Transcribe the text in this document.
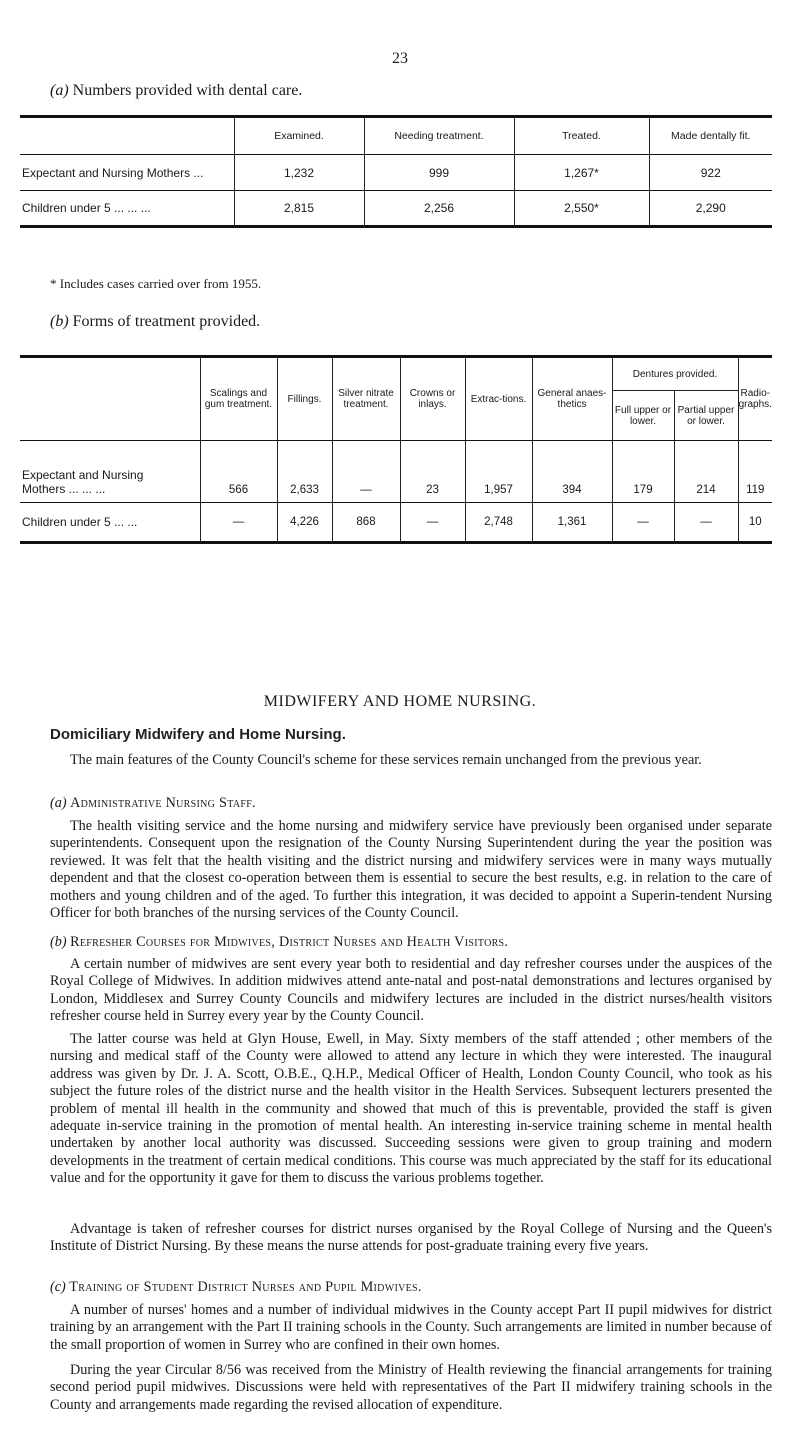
23
(a) Numbers provided with dental care.
	Examined.	Needing treatment.	Treated.	Made dentally fit.
Expectant and Nursing Mothers ...	1,232	999	1,267*	922
Children under 5 ... ... ...	2,815	2,256	2,550*	2,290
* Includes cases carried over from 1955.
(b) Forms of treatment provided.
	Scalings and gum treatment.	Fillings.	Silver nitrate treatment.	Crowns or inlays.	Extrac-tions.	General anaes-thetics	Dentures provided.		Radio-graphs.
							Full upper or lower.	Partial upper or lower.	
Expectant and Nursing
Mothers ... ... ...	566	2,633	—	23	1,957	394	179	214	119
Children under 5 ... ...	—	4,226	868	—	2,748	1,361	—	—	10
MIDWIFERY AND HOME NURSING.
Domiciliary Midwifery and Home Nursing.

The main features of the County Council's scheme for these services remain unchanged from the previous year.

(a) Administrative Nursing Staff.

The health visiting service and the home nursing and midwifery service have previously been organised under separate superintendents. Consequent upon the resignation of the County Nursing Superintendent during the year the position was reviewed. It was felt that the health visiting and the district nursing and midwifery services were in many ways mutually dependent and that the closest co-operation between them is essential to secure the best results, e.g. in relation to the care of mothers and young children and of the aged. To further this integration, it was decided to appoint a Superin-tendent Nursing Officer for both branches of the nursing services of the County Council.

(b) Refresher Courses for Midwives, District Nurses and Health Visitors.

A certain number of midwives are sent every year both to residential and day refresher courses under the auspices of the Royal College of Midwives. In addition midwives attend ante-natal and post-natal demonstrations and lectures organised by London, Middlesex and Surrey County Councils and midwifery lectures are included in the district nurses/health visitors refresher course held in Surrey every year by the County Council.

The latter course was held at Glyn House, Ewell, in May. Sixty members of the staff attended ; other members of the nursing and medical staff of the County were allowed to attend any lecture in which they were interested. The inaugural address was given by Dr. J. A. Scott, O.B.E., Q.H.P., Medical Officer of Health, London County Council, who took as his subject the future roles of the district nurse and the health visitor in the Health Services. Subsequent lecturers presented the problem of mental ill health in the community and showed that much of this is preventable, provided the staff is given adequate in-service training in the promotion of mental health. An interesting in-service training scheme in mental health undertaken by another local authority was discussed. Succeeding sessions were given to group training and modern developments in the treatment of certain medical conditions. This course was much appreciated by the staff for its educational value and for the opportunity it gave for them to discuss the various problems together.

Advantage is taken of refresher courses for district nurses organised by the Royal College of Nursing and the Queen's Institute of District Nursing. By these means the nurse attends for post-graduate training every five years.

(c) Training of Student District Nurses and Pupil Midwives.

A number of nurses' homes and a number of individual midwives in the County accept Part II pupil midwives for district training by an arrangement with the Part II training schools in the County. Such arrangements are limited in number because of the small proportion of women in Surrey who are confined in their own homes.

During the year Circular 8/56 was received from the Ministry of Health reviewing the financial arrangements for training second period pupil midwives. Discussions were held with representatives of the Part II midwifery training schools in the County and arrangements made regarding the revised allocation of expenditure.
